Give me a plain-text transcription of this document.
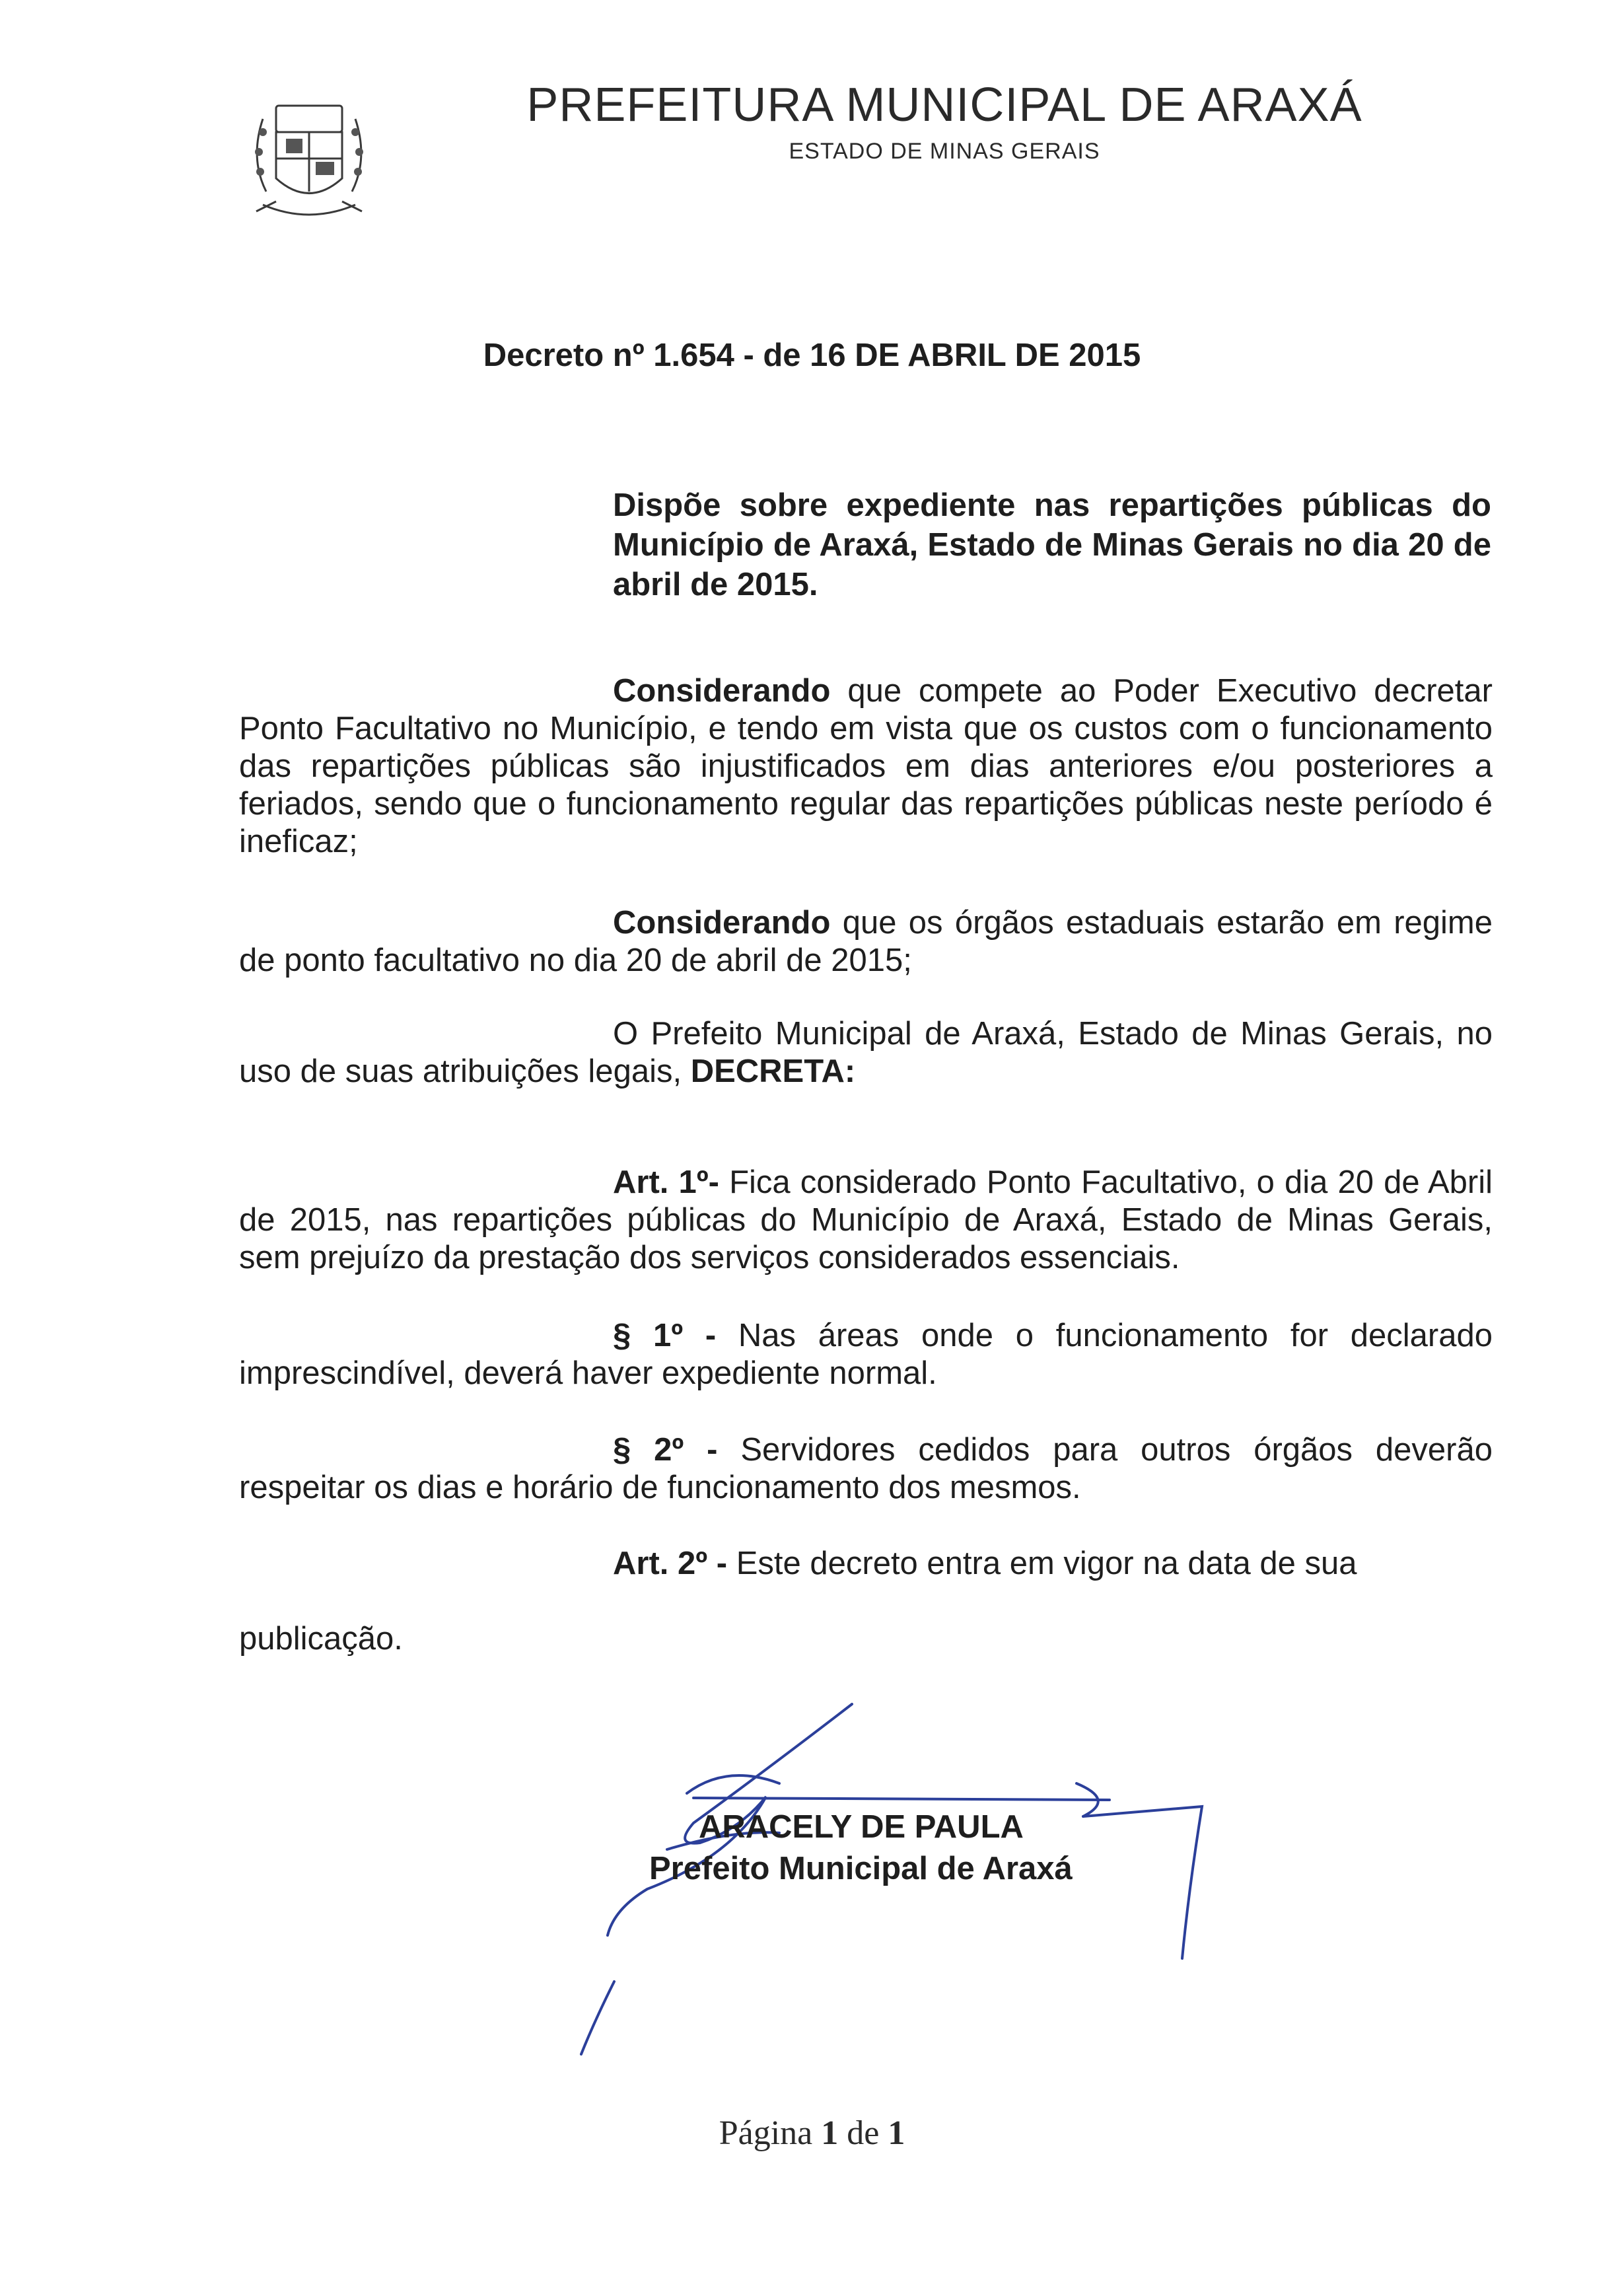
PREFEITURA MUNICIPAL DE ARAXÁ
ESTADO DE MINAS GERAIS
Decreto nº 1.654 - de 16 DE ABRIL DE 2015
Dispõe sobre expediente nas repartições públicas do Município de Araxá, Estado de Minas Gerais no dia 20 de abril de 2015.
Considerando que compete ao Poder Executivo decretar Ponto Facultativo no Município, e tendo em vista que os custos com o funcionamento das repartições públicas são injustificados em dias anteriores e/ou posteriores a feriados, sendo que o funcionamento regular das repartições públicas neste período é ineficaz;
Considerando que os órgãos estaduais estarão em regime de ponto facultativo no dia 20 de abril de 2015;
O Prefeito Municipal de Araxá, Estado de Minas Gerais, no uso de suas atribuições legais, DECRETA:
Art. 1º- Fica considerado Ponto Facultativo, o dia 20 de Abril de 2015, nas repartições públicas do Município de Araxá, Estado de Minas Gerais, sem prejuízo da prestação dos serviços considerados essenciais.
§ 1º - Nas áreas onde o funcionamento for declarado imprescindível, deverá haver expediente normal.
§ 2º - Servidores cedidos para outros órgãos deverão respeitar os dias e horário de funcionamento dos mesmos.
Art. 2º - Este decreto entra em vigor na data de sua
publicação.
ARACELY DE PAULA
Prefeito Municipal de Araxá
Página 1 de 1
